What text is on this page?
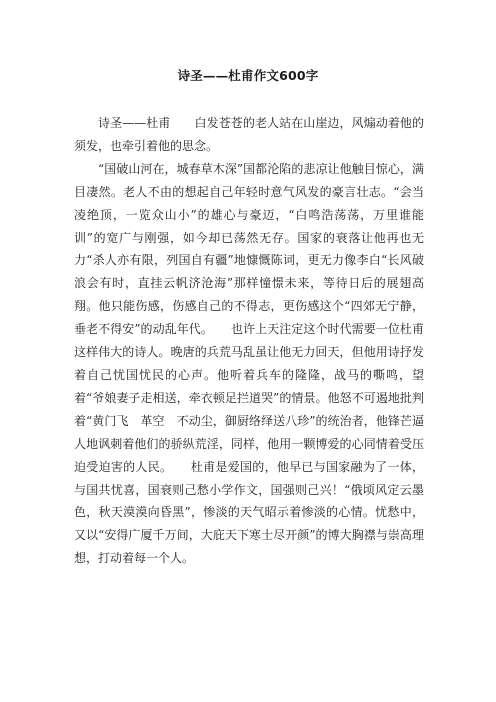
诗圣——杜甫作文600字

诗圣——杜甫　　白发苍苍的老人站在山崖边，风煽动着他的须发，也牵引着他的思念。

“国破山河在，城春草木深”国都沦陷的悲凉让他触目惊心，满目凄然。老人不由的想起自己年轻时意气风发的豪言壮志。“会当凌绝顶，一览众山小”的雄心与豪迈，“白鸣浩荡荡，万里谁能训”的宽广与刚强，如今却已荡然无存。国家的衰落让他再也无力“杀人亦有限，列国自有疆”地慷慨陈词，更无力像李白“长风破浪会有时，直挂云帆济沧海”那样憧憬未来，等待日后的展翅高翔。他只能伤感，伤感自己的不得志，更伤感这个“四郊无宁静，垂老不得安”的动乱年代。　　也许上天注定这个时代需要一位杜甫这样伟大的诗人。晚唐的兵荒马乱虽让他无力回天，但他用诗抒发着自己忧国忧民的心声。他听着兵车的隆隆，战马的嘶鸣，望着“爷娘妻子走相送，牵衣顿足拦道哭”的情景。他怒不可遏地批判着“黄门飞　革空　不动尘，御厨络绎送八珍”的统治者，他锋芒逼人地讽刺着他们的骄纵荒淫，同样，他用一颗博爱的心同情着受压迫受迫害的人民。　　杜甫是爱国的，他早已与国家融为了一体，与国共忧喜，国衰则己愁小学作文，国强则己兴！“俄顷风定云墨色，秋天漠漠向昏黑”，惨淡的天气昭示着惨淡的心情。忧愁中，又以“安得广厦千万间，大庇天下寒士尽开颜”的博大胸襟与崇高理想，打动着每一个人。
